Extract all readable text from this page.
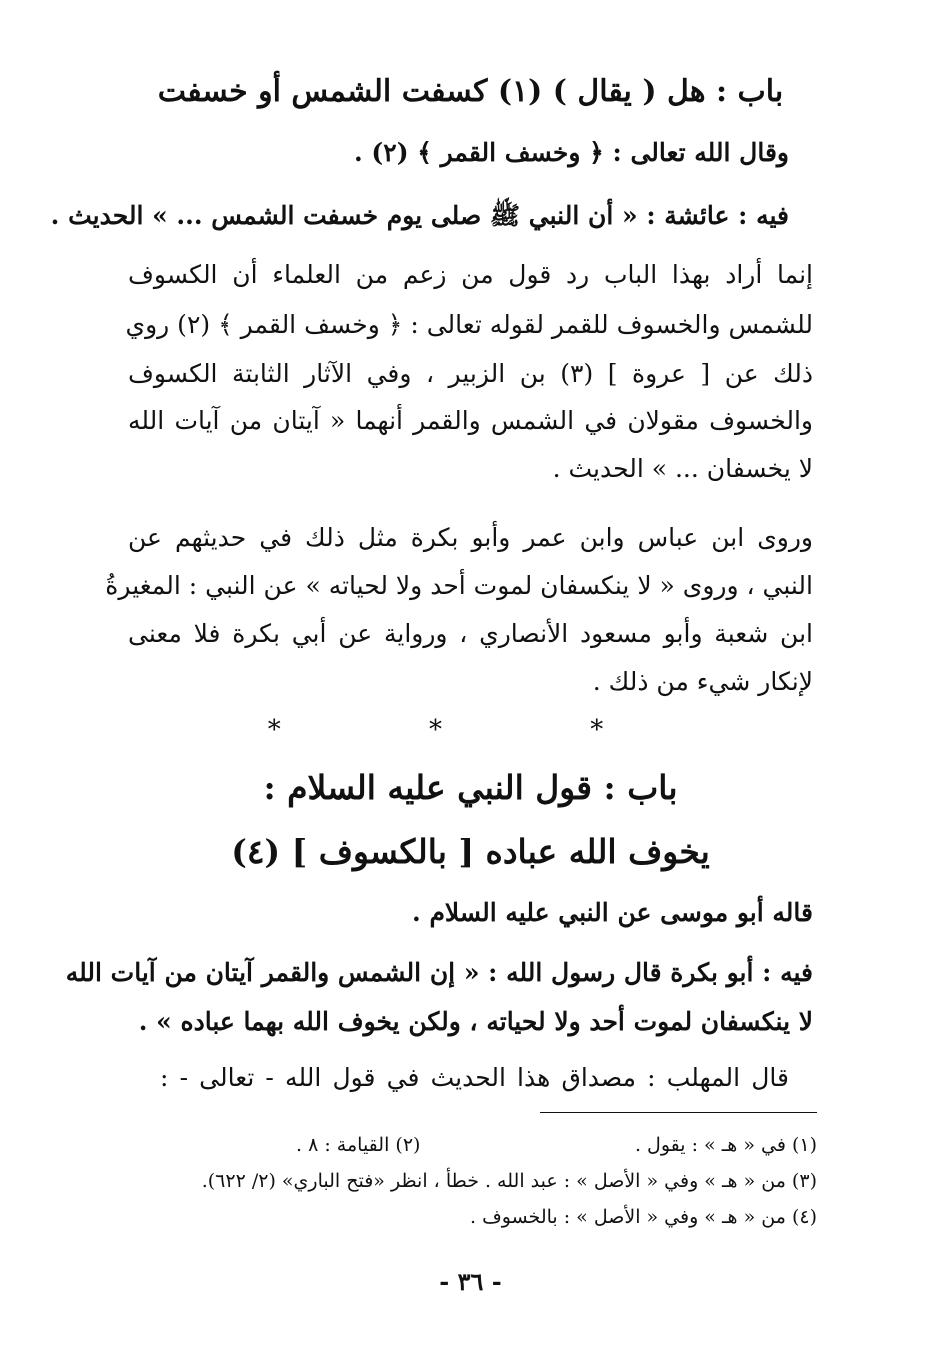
باب : هل ( يقال ) (١) كسفت الشمس أو خسفت
وقال الله تعالى : ﴿ وخسف القمر ﴾ (٢) .
فيه : عائشة : « أن النبي ﷺ صلى يوم خسفت الشمس ... » الحديث .
إنما أراد بهذا الباب رد قول من زعم من العلماء أن الكسوف
للشمس والخسوف للقمر لقوله تعالى : ﴿ وخسف القمر ﴾ (٢) روي
ذلك عن [ عروة ] (٣) بن الزبير ، وفي الآثار الثابتة الكسوف
والخسوف مقولان في الشمس والقمر أنهما « آيتان من آيات الله
لا يخسفان ... » الحديث .
وروى ابن عباس وابن عمر وأبو بكرة مثل ذلك في حديثهم عن
النبي ، وروى « لا ينكسفان لموت أحد ولا لحياته » عن النبي : المغيرةُ
ابن شعبة وأبو مسعود الأنصاري ، ورواية عن أبي بكرة فلا معنى
لإنكار شيء من ذلك .
* * *
باب : قول النبي عليه السلام :
يخوف الله عباده [ بالكسوف ] (٤)
قاله أبو موسى عن النبي عليه السلام .
فيه : أبو بكرة قال رسول الله : « إن الشمس والقمر آيتان من آيات الله
لا ينكسفان لموت أحد ولا لحياته ، ولكن يخوف الله بهما عباده » .
قال المهلب : مصداق هذا الحديث في قول الله - تعالى - :
(١) في « هـ » : يقول .
(٢) القيامة : ٨ .
(٣) من « هـ » وفي « الأصل » : عبد الله . خطأ ، انظر «فتح الباري» (٢/ ٦٢٢).
(٤) من « هـ » وفي « الأصل » : بالخسوف .
- ٣٦ -
